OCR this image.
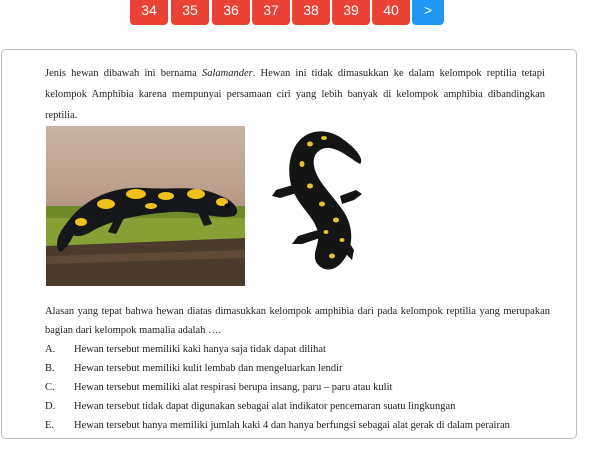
34	35	36	37	38	39	40	>
Jenis hewan dibawah ini bernama Salamander. Hewan ini tidak dimasukkan ke dalam kelompok reptilia tetapi kelompok Amphibia karena mempunyai persamaan ciri yang lebih banyak di kelompok amphibia dibandingkan reptilia.
Alasan yang tepat bahwa hewan diatas dimasukkan kelompok amphibia dari pada kelompok reptilia yang merupakan bagian dari kelompok mamalia adalah ….
A. Hewan tersebut memiliki kaki hanya saja tidak dapat dilihat
B. Hewan tersebut memiliki kulit lembab dan mengeluarkan lendir
C. Hewan tersebut memiliki alat respirasi berupa insang, paru – paru atau kulit
D. Hewan tersebut tidak dapat digunakan sebagai alat indikator pencemaran suatu lingkungan
E. Hewan tersebut hanya memiliki jumlah kaki 4 dan hanya berfungsi sebagai alat gerak di dalam perairan
